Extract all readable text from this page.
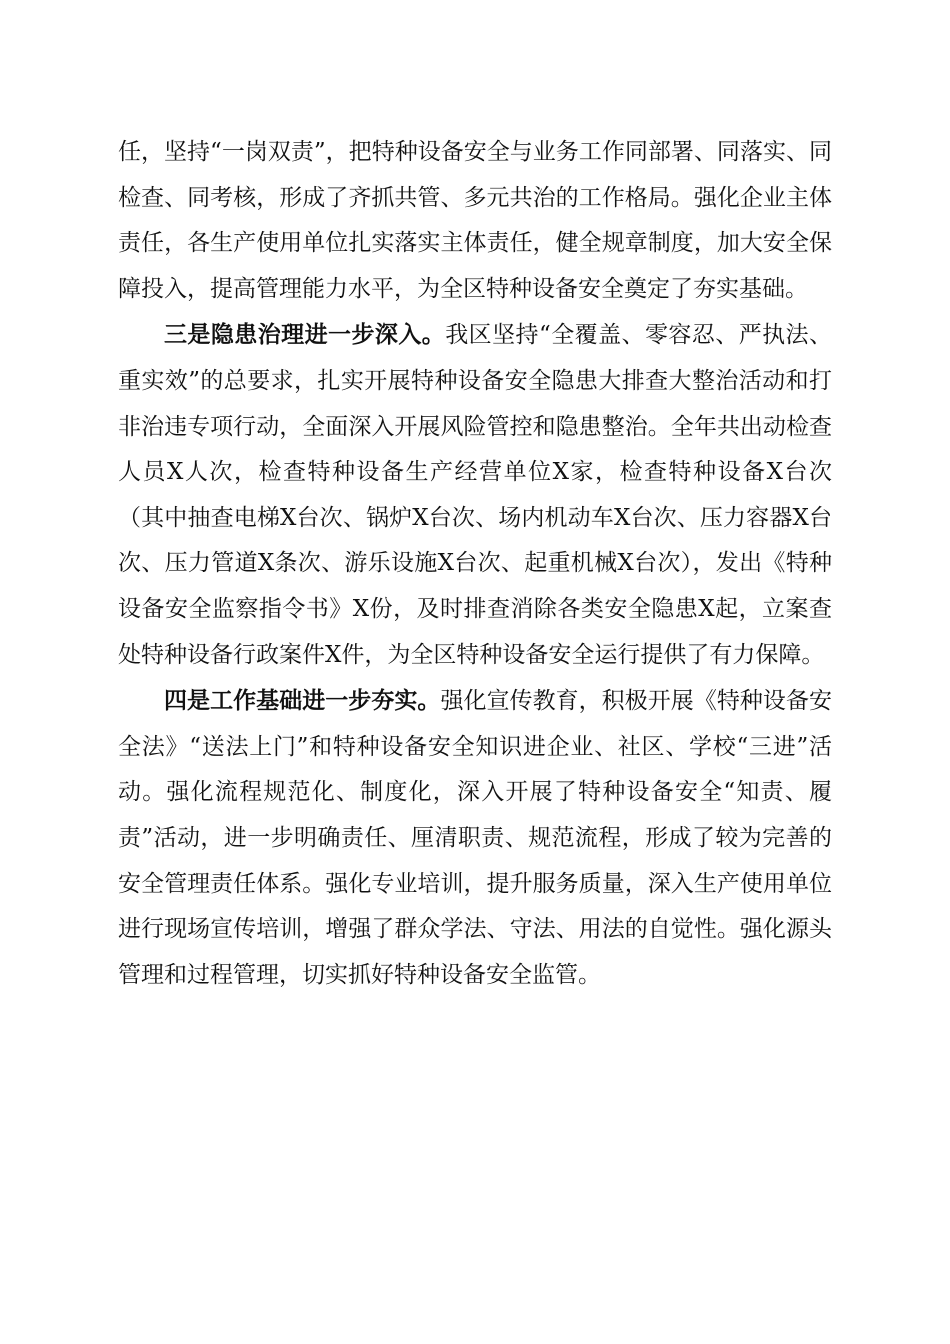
任，坚持“一岗双责”，把特种设备安全与业务工作同部署、同落实、同检查、同考核，形成了齐抓共管、多元共治的工作格局。强化企业主体责任，各生产使用单位扎实落实主体责任，健全规章制度，加大安全保障投入，提高管理能力水平，为全区特种设备安全奠定了夯实基础。

三是隐患治理进一步深入。我区坚持“全覆盖、零容忍、严执法、重实效”的总要求，扎实开展特种设备安全隐患大排查大整治活动和打非治违专项行动，全面深入开展风险管控和隐患整治。全年共出动检查人员X人次，检查特种设备生产经营单位X家，检查特种设备X台次（其中抽查电梯X台次、锅炉X台次、场内机动车X台次、压力容器X台次、压力管道X条次、游乐设施X台次、起重机械X台次），发出《特种设备安全监察指令书》X份，及时排查消除各类安全隐患X起，立案查处特种设备行政案件X件，为全区特种设备安全运行提供了有力保障。

四是工作基础进一步夯实。强化宣传教育，积极开展《特种设备安全法》“送法上门”和特种设备安全知识进企业、社区、学校“三进”活动。强化流程规范化、制度化，深入开展了特种设备安全“知责、履责”活动，进一步明确责任、厘清职责、规范流程，形成了较为完善的安全管理责任体系。强化专业培训，提升服务质量，深入生产使用单位进行现场宣传培训，增强了群众学法、守法、用法的自觉性。强化源头管理和过程管理，切实抓好特种设备安全监管。
